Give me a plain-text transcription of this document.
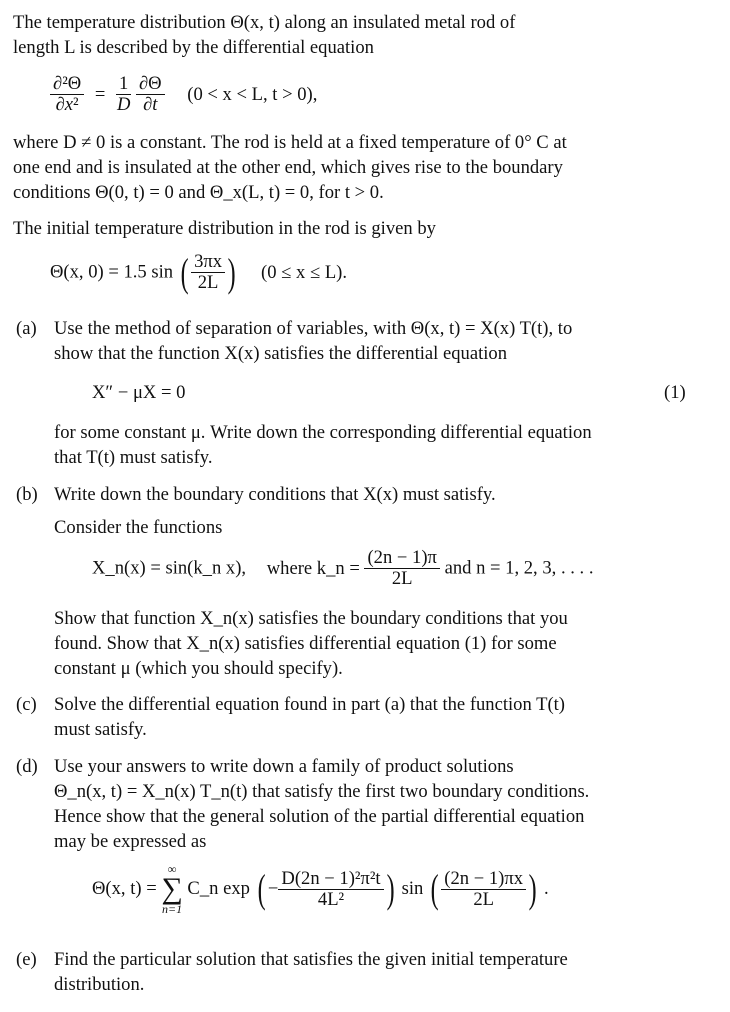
The temperature distribution Θ(x, t) along an insulated metal rod of
length L is described by the differential equation
$\frac{\text{∂²Θ}}{\text{∂x²}} = \frac{1}{D}$
$\frac{\partial\Theta}{\partial t} (0 < x < L$, t > 0),
where D ≠ 0 is a constant. The rod is held at a fixed temperature of 0° C at
one end and is insulated at the other end, which gives rise to the boundary
conditions Θ(0, t) = 0 and Θ_x(L, t) = 0, for t > 0.
The initial temperature distribution in the rod is given by
Θ(x, 0) = 1.5 sin ( $\frac{3\pi x}{2L}$ ) (0 ≤ x ≤ L).
(a) Use the method of separation of variables, with Θ(x, t) = X(x) T(t), to
show that the function X(x) satisfies the differential equation
X″ − μX = 0	(1)
for some constant μ. Write down the corresponding differential equation
that T(t) must satisfy.
(b) Write down the boundary conditions that X(x) must satisfy.
Consider the functions
X_n(x) = sin(k_n x), where k_n = $\frac{(2n - 1)\pi}{2L}$ and n = 1, 2, 3, . . . .
Show that function X_n(x) satisfies the boundary conditions that you
found. Show that X_n(x) satisfies differential equation (1) for some
constant μ (which you should specify).
(c) Solve the differential equation found in part (a) that the function T(t)
must satisfy.
(d) Use your answers to write down a family of product solutions
Θ_n(x, t) = X_n(x) T_n(t) that satisfy the first two boundary conditions.
Hence show that the general solution of the partial differential equation
may be expressed as
Θ(x, t) =
∞
∑
n=1
C_n exp ( − $\frac{\text{D(2n − 1)²π²t}}{\text{4L²}}$ ) sin ( $\frac{(2n - 1)\pi x}{2L}$ ) .
(e) Find the particular solution that satisfies the given initial temperature
distribution.
